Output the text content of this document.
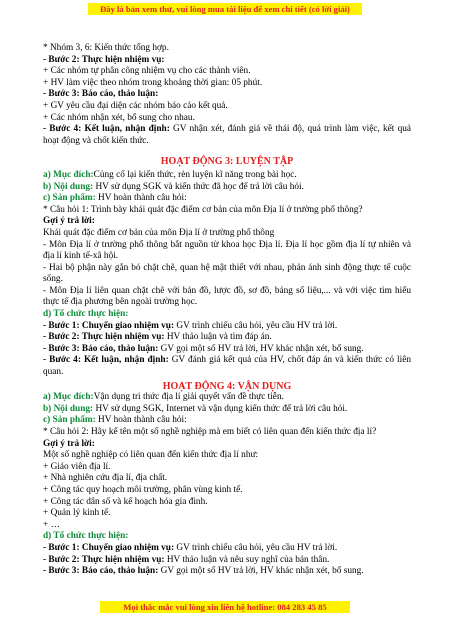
Đây là bản xem thử, vui lòng mua tài liệu để xem chi tiết (có lời giải)
* Nhóm 3, 6: Kiến thức tổng hợp.
- Bước 2: Thực hiện nhiệm vụ:
+ Các nhóm tự phân công nhiệm vụ cho các thành viên.
+ HV làm việc theo nhóm trong khoảng thời gian: 05 phút.
- Bước 3: Báo cáo, thảo luận:
+ GV yêu cầu đại diện các nhóm báo cáo kết quả.
+ Các nhóm nhận xét, bổ sung cho nhau.
- Bước 4: Kết luận, nhận định: GV nhận xét, đánh giá về thái độ, quá trình làm việc, kết quả hoạt động và chốt kiến thức.
HOẠT ĐỘNG 3: LUYỆN TẬP
a) Mục đích:Củng cố lại kiến thức, rèn luyện kĩ năng trong bài học.
b) Nội dung: HV sử dụng SGK và kiến thức đã học để trả lời câu hỏi.
c) Sản phẩm: HV hoàn thành câu hỏi:
* Câu hỏi 1: Trình bày khái quát đặc điểm cơ bản của môn Địa lí ở trường phổ thông?
Gợi ý trả lời:
Khái quát đặc điểm cơ bản của môn Địa lí ở trường phổ thông
- Môn Địa lí ở trường phổ thông bắt nguồn từ khoa học Địa lí. Địa lí học gồm địa lí tự nhiên và địa lí kinh tế-xã hội.
- Hai bộ phận này gắn bó chặt chẽ, quan hệ mật thiết với nhau, phản ánh sinh động thực tế cuộc sống.
- Môn Địa lí liên quan chặt chẽ với bản đồ, lược đồ, sơ đồ, bảng số liệu,... và với việc tìm hiểu thực tế địa phương bên ngoài trường học.
d) Tổ chức thực hiện:
- Bước 1: Chuyển giao nhiệm vụ: GV trình chiếu câu hỏi, yêu cầu HV trả lời.
- Bước 2: Thực hiện nhiệm vụ: HV thảo luận và tìm đáp án.
- Bước 3: Báo cáo, thảo luận: GV gọi một số HV trả lời, HV khác nhận xét, bổ sung.
- Bước 4: Kết luận, nhận định: GV đánh giá kết quả của HV, chốt đáp án và kiến thức có liên quan.
HOẠT ĐỘNG 4: VẬN DỤNG
a) Mục đích:Vận dụng tri thức địa lí giải quyết vấn đề thực tiễn.
b) Nội dung: HV sử dụng SGK, Internet và vận dụng kiến thức để trả lời câu hỏi.
c) Sản phẩm: HV hoàn thành câu hỏi:
* Câu hỏi 2: Hãy kể tên một số nghề nghiệp mà em biết có liên quan đến kiến thức địa lí?
Gợi ý trả lời:
Một số nghề nghiệp có liên quan đến kiến thức địa lí như:
+ Giáo viên địa lí.
+ Nhà nghiên cứu địa lí, địa chất.
+ Công tác quy hoạch môi trường, phân vùng kinh tế.
+ Công tác dân số và kế hoạch hóa gia đình.
+ Quản lý kinh tế.
+ …
d) Tổ chức thực hiện:
- Bước 1: Chuyển giao nhiệm vụ: GV trình chiếu câu hỏi, yêu cầu HV trả lời.
- Bước 2: Thực hiện nhiệm vụ: HV thảo luận và nêu suy nghĩ của bản thân.
- Bước 3: Báo cáo, thảo luận: GV gọi một số HV trả lời, HV khác nhận xét, bổ sung.
Mọi thắc mắc vui lòng xin liên hệ hotline: 084 283 45 85
